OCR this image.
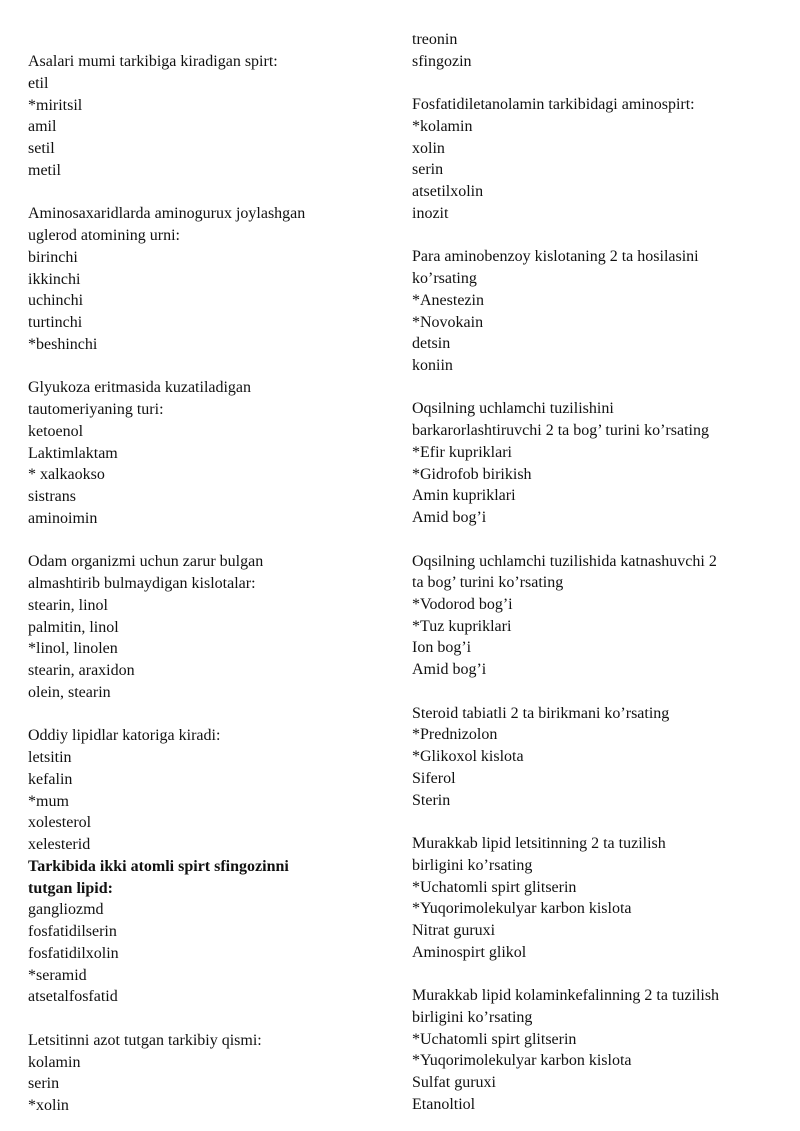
Asalari mumi tarkibiga kiradigan spirt:
etil
*miritsil
amil
setil
metil
Aminosaxaridlarda aminogurux joylashgan
uglerod atomining urni:
birinchi
ikkinchi
uchinchi
turtinchi
*beshinchi
Glyukoza eritmasida kuzatiladigan
tautomeriyaning turi:
ketoenol
Laktimlaktam
* xalkaokso
sistrans
aminoimin
Odam organizmi uchun zarur bulgan
almashtirib bulmaydigan kislotalar:
stearin, linol
palmitin, linol
*linol, linolen
stearin, araxidon
olein, stearin
Oddiy lipidlar katoriga kiradi:
letsitin
kefalin
*mum
xolesterol
xelesterid
Tarkibida ikki atomli spirt sfingozinni
tutgan lipid:
gangliozmd
fosfatidilserin
fosfatidilxolin
*seramid
atsetalfosfatid
Letsitinni azot tutgan tarkibiy qismi:
kolamin
serin
*xolin
treonin
sfingozin
Fosfatidiletanolamin tarkibidagi aminospirt:
*kolamin
xolin
serin
atsetilxolin
inozit
Para aminobenzoy kislotaning 2 ta hosilasini
ko’rsating
*Anestezin
*Novokain
detsin
koniin
Oqsilning uchlamchi tuzilishini
barkarorlashtiruvchi 2 ta bog’ turini ko’rsating
*Efir kupriklari
*Gidrofob birikish
Amin kupriklari
Amid bog’i
Oqsilning uchlamchi tuzilishida katnashuvchi 2
ta bog’ turini ko’rsating
*Vodorod bog’i
*Tuz kupriklari
Ion bog’i
Amid bog’i
Steroid tabiatli 2 ta birikmani ko’rsating
*Prednizolon
*Glikoxol kislota
Siferol
Sterin
Murakkab lipid letsitinning 2 ta tuzilish
birligini ko’rsating
*Uchatomli spirt glitserin
*Yuqorimolekulyar karbon kislota
Nitrat guruxi
Aminospirt glikol
Murakkab lipid kolaminkefalinning 2 ta tuzilish
birligini ko’rsating
*Uchatomli spirt glitserin
*Yuqorimolekulyar karbon kislota
Sulfat guruxi
Etanoltiol
